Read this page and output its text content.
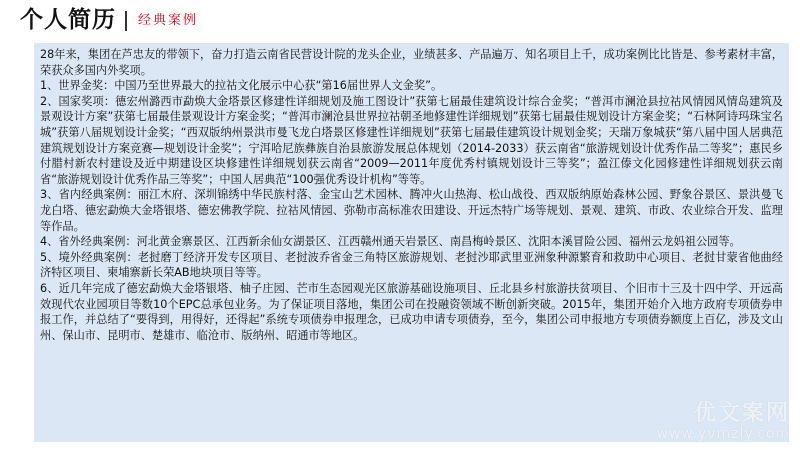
个人简历 经典案例

28年来，集团在芦忠友的带领下，奋力打造云南省民营设计院的龙头企业，业绩甚多、产品遍万、知名项目上千，成功案例比比皆是、参考素材丰富，荣获众多国内外奖项。

1、世界金奖：中国乃至世界最大的拉祜文化展示中心获“第16届世界人文金奖”。

2、国家奖项：德宏州潞西市勐焕大金塔景区修建性详细规划及施工图设计”获第七届最佳建筑设计综合金奖；“普洱市澜沧县拉祜风情园风情岛建筑及景观设计方案”获第七届最佳景观设计方案金奖；“普洱市澜沧县世界拉祜朝圣地修建性详细规划”获第七届最佳规划设计方案金奖；“石林阿诗玛珠宝名城”获第八届规划设计金奖；“西双版纳州景洪市曼飞龙白塔景区修建性详细规划”获第七届最佳建筑设计规划金奖；天瑞万象城获“第八届中国人居典范建筑规划设计方案竞赛—规划设计金奖”；宁洱哈尼族彝族自治县旅游发展总体规划（2014-2033）获云南省“旅游规划设计优秀作品二等奖”；惠民乡付腊村新农村建设及近中期建设区块修建性详细规划获云南省“2009—2011年度优秀村镇规划设计三等奖”；盈江傣文化园修建性详细规划获云南省“旅游规划设计优秀作品三等奖”；中国人居典范“100强优秀设计机构”等等。

3、省内经典案例：丽江木府、深圳锦绣中华民族村落、金宝山艺术园林、腾冲火山热海、松山战役、西双版纳原始森林公园、野象谷景区、景洪曼飞龙白塔、德宏勐焕大金塔银塔、德宏佛教学院、拉祜风情园、弥勒市高标准农田建设、开远杰特广场等规划、景观、建筑、市政、农业综合开发、监理等作品。

4、省外经典案例：河北黄金寨景区、江西新余仙女湖景区、江西赣州通天岩景区、南昌梅岭景区、沈阳本溪冒险公园、福州云龙妈祖公园等。

5、境外经典案例：老挝磨丁经济开发专区项目、老挝波乔省金三角特区旅游规划、老挝沙耶武里亚洲象种源繁育和救助中心项目、老挝甘蒙省他曲经济特区项目、柬埔寨新长荣AB地块项目等等。

6、近几年完成了德宏勐焕大金塔银塔、柚子庄园、芒市生态园观光区旅游基础设施项目、丘北县乡村旅游扶贫项目、个旧市十三及十四中学、开远高效现代农业园项目等数10个EPC总承包业务。为了保证项目落地，集团公司在投融资领域不断创新突破。2015年，集团开始介入地方政府专项债券申报工作，并总结了“要得到，用得好，还得起”系统专项债券申报理念，已成功申请专项债券，至今，集团公司申报地方专项债券额度上百亿，涉及文山州、保山市、昆明市、楚雄市、临沧市、版纳州、昭通市等地区。

优文案网
www.yvmzly.com
